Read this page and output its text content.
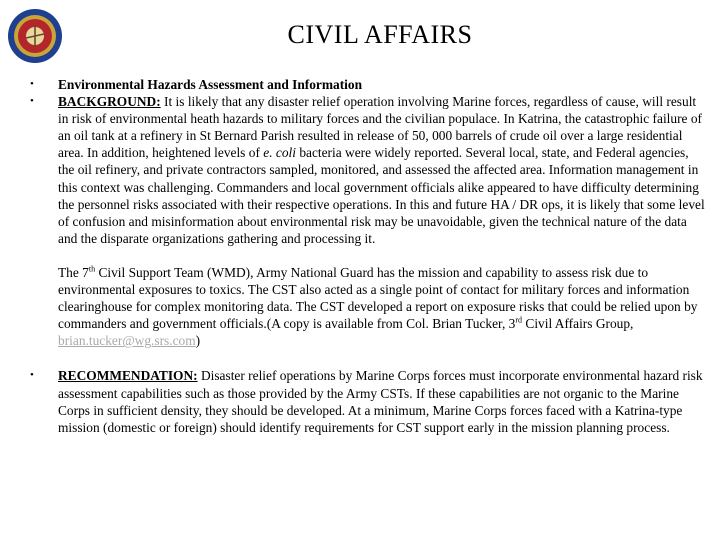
CIVIL AFFAIRS
•	Environmental Hazards Assessment and Information
•	BACKGROUND: It is likely that any disaster relief operation involving Marine forces, regardless of cause, will result in risk of environmental heath hazards to military forces and the civilian populace. In Katrina, the catastrophic failure of an oil tank at a refinery in St Bernard Parish resulted in release of 50, 000 barrels of crude oil over a large residential area. In addition, heightened levels of e. coli bacteria were widely reported. Several local, state, and Federal agencies, the oil refinery, and private contractors sampled, monitored, and assessed the affected area. Information management in this context was challenging. Commanders and local government officials alike appeared to have difficulty determining the personnel risks associated with their respective operations. In this and future HA / DR ops, it is likely that some level of confusion and misinformation about environmental risk may be unavoidable, given the technical nature of the data and the disparate organizations gathering and processing it.
The 7th Civil Support Team (WMD), Army National Guard has the mission and capability to assess risk due to environmental exposures to toxics. The CST also acted as a single point of contact for military forces and information clearinghouse for complex monitoring data. The CST developed a report on exposure risks that could be relied upon by commanders and government officials.(A copy is available from Col. Brian Tucker, 3rd Civil Affairs Group, brian.tucker@wg.srs.com)
•	RECOMMENDATION: Disaster relief operations by Marine Corps forces must incorporate environmental hazard risk assessment capabilities such as those provided by the Army CSTs. If these capabilities are not organic to the Marine Corps in sufficient density, they should be developed. At a minimum, Marine Corps forces faced with a Katrina-type mission (domestic or foreign) should identify requirements for CST support early in the mission planning process.
